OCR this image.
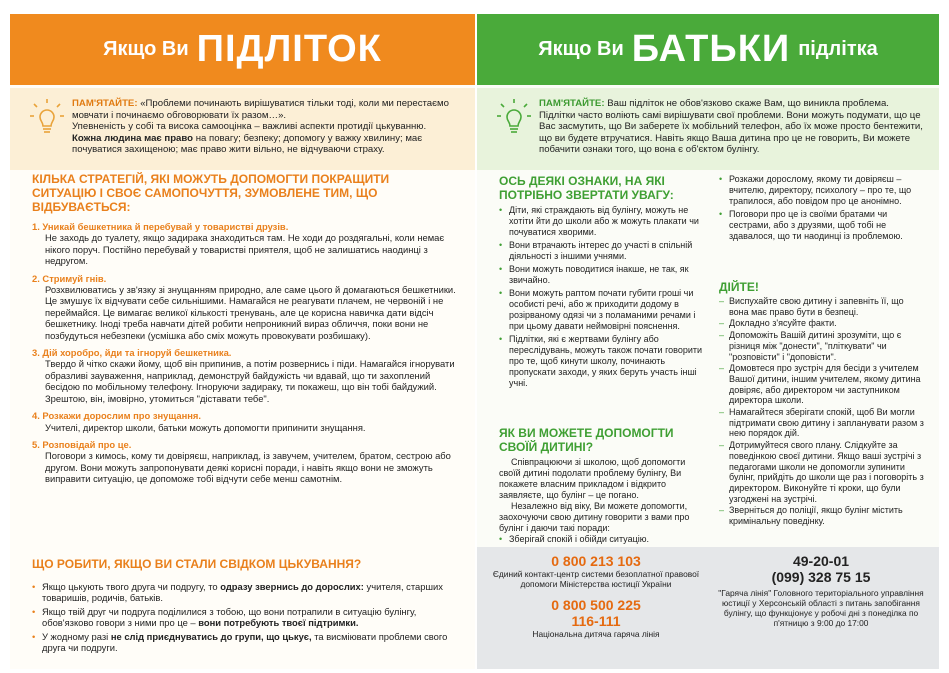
Якщо Ви ПІДЛІТОК
ПАМ'ЯТАЙТЕ: «Проблеми починають вирішуватися тільки тоді, коли ми перестаємо мовчати і починаємо обговорювати їх разом…».
Упевненість у собі та висока самооцінка – важливі аспекти протидії цькуванню.
Кожна людина має право на повагу; безпеку; допомогу у важку хвилину; має почуватися захищеною; має право жити вільно, не відчуваючи страху.
КІЛЬКА СТРАТЕГІЙ, ЯКІ МОЖУТЬ ДОПОМОГТИ ПОКРАЩИТИ СИТУАЦІЮ І СВОЄ САМОПОЧУТТЯ, ЗУМОВЛЕНЕ ТИМ, ЩО ВІДБУВАЄТЬСЯ:
1. Уникай бешкетника й перебувай у товаристві друзів.
Не заходь до туалету, якщо задирака знаходиться там. Не ходи до роздягальні, коли немає нікого поруч. Постійно перебувай у товаристві приятеля, щоб не залишатись наодинці з недругом.
2. Стримуй гнів.
Розхвилюватись у зв'язку зі знущанням природно, але саме цього й домагаються бешкетники. Це змушує їх відчувати себе сильнішими. Намагайся не реагувати плачем, не червоній і не переймайся. Це вимагає великої кількості тренувань, але це корисна навичка дати відсіч бешкетнику. Іноді треба навчати дітей робити непроникний вираз обличчя, поки вони не позбудуться небезпеки (усмішка або сміх можуть провокувати розбишаку).
3. Дій хоробро, йди та ігноруй бешкетника.
Твердо й чітко скажи йому, щоб він припинив, а потім розвернись і піди. Намагайся ігнорувати образливі зауваження, наприклад, демонструй байдужість чи вдавай, що ти захоплений бесідою по мобільному телефону. Ігноруючи задираку, ти покажеш, що він тобі байдужий. Зрештою, він, імовірно, утомиться "діставати тебе".
4. Розкажи дорослим про знущання.
Учителі, директор школи, батьки можуть допомогти припинити знущання.
5. Розповідай про це.
Поговори з кимось, кому ти довіряєш, наприклад, із завучем, учителем, братом, сестрою або другом. Вони можуть запропонувати деякі корисні поради, і навіть якщо вони не зможуть виправити ситуацію, це допоможе тобі відчути себе менш самотнім.
ЩО РОБИТИ, ЯКЩО ВИ СТАЛИ СВІДКОМ ЦЬКУВАННЯ?
• Якщо цькують твого друга чи подругу, то одразу звернись до дорослих: учителя, старших товаришів, родичів, батьків.
• Якщо твій друг чи подруга поділилися з тобою, що вони потрапили в ситуацію булінгу, обов'язково говори з ними про це – вони потребують твоєї підтримки.
• У жодному разі не слід приєднуватись до групи, що цькує, та висміювати проблеми свого друга чи подруги.
Якщо Ви БАТЬКИ підлітка
ПАМ'ЯТАЙТЕ: Ваш підліток не обов'язково скаже Вам, що виникла проблема. Підлітки часто воліють самі вирішувати свої проблеми. Вони можуть подумати, що це Вас засмутить, що Ви заберете їх мобільний телефон, або їх може просто бентежити, що ви будете втручатися. Навіть якщо Ваша дитина про це не говорить, Ви можете побачити ознаки того, що вона є об'єктом булінгу.
ОСЬ ДЕЯКІ ОЗНАКИ, НА ЯКІ ПОТРІБНО ЗВЕРТАТИ УВАГУ:
• Діти, які страждають від булінгу, можуть не хотіти йти до школи або ж можуть плакати чи почуватися хворими.
• Вони втрачають інтерес до участі в спільній діяльності з іншими учнями.
• Вони можуть поводитися інакше, не так, як звичайно.
• Вони можуть раптом почати губити гроші чи особисті речі, або ж приходити додому в розірваному одязі чи з поламаними речами і при цьому давати неймовірні пояснення.
• Підлітки, які є жертвами булінгу або переслідувань, можуть також почати говорити про те, щоб кинути школу, починають пропускати заходи, у яких беруть участь інші учні.
ЯК ВИ МОЖЕТЕ ДОПОМОГТИ СВОЇЙ ДИТИНІ?
Співпрацюючи зі школою, щоб допомогти своїй дитині подолати проблему булінгу, Ви покажете власним прикладом і відкрито заявляєте, що булінг – це погано.
Незалежно від віку, Ви можете допомогти, заохочуючи свою дитину говорити з вами про булінг і даючи такі поради:
• Зберігай спокій і обійди ситуацію.
• Розкажи дорослому, якому ти довіряєш – вчителю, директору, психологу – про те, що трапилося, або повідом про це анонімно.
• Поговори про це із своїми братами чи сестрами, або з друзями, щоб тобі не здавалося, що ти наодинці із проблемою.
ДІЙТЕ!
– Виспухайте свою дитину і запевніть її, що вона має право бути в безпеці.
– Докладно з'ясуйте факти.
– Допоможіть Вашій дитині зрозуміти, що є різниця між "донести", "пліткувати" чи "розповісти" і "доповісти".
– Домовтеся про зустріч для бесіди з учителем Вашої дитини, іншим учителем, якому дитина довіряє, або директором чи заступником директора школи.
– Намагайтеся зберігати спокій, щоб Ви могли підтримати свою дитину і запланувати разом з нею порядок дій.
– Дотримуйтеся свого плану. Слідкуйте за поведінкою своєї дитини. Якщо ваші зустрічі з педагогами школи не допомогли зупинити булінг, прийдіть до школи ще раз і поговоріть з директором. Виконуйте ті кроки, що були узгоджені на зустрічі.
– Зверніться до поліції, якщо булінг містить кримінальну поведінку.
0 800 213 103
Єдиний контакт-центр системи безоплатної правової допомоги Міністерства юстиції України
0 800 500 225
116-111
Національна дитяча гаряча лінія
49-20-01
(099) 328 75 15
"Гаряча лінія" Головного територіального управління юстиції у Херсонській області з питань запобігання булінгу, що функціонує у робочі дні з понеділка по п'ятницю з 9:00 до 17:00
